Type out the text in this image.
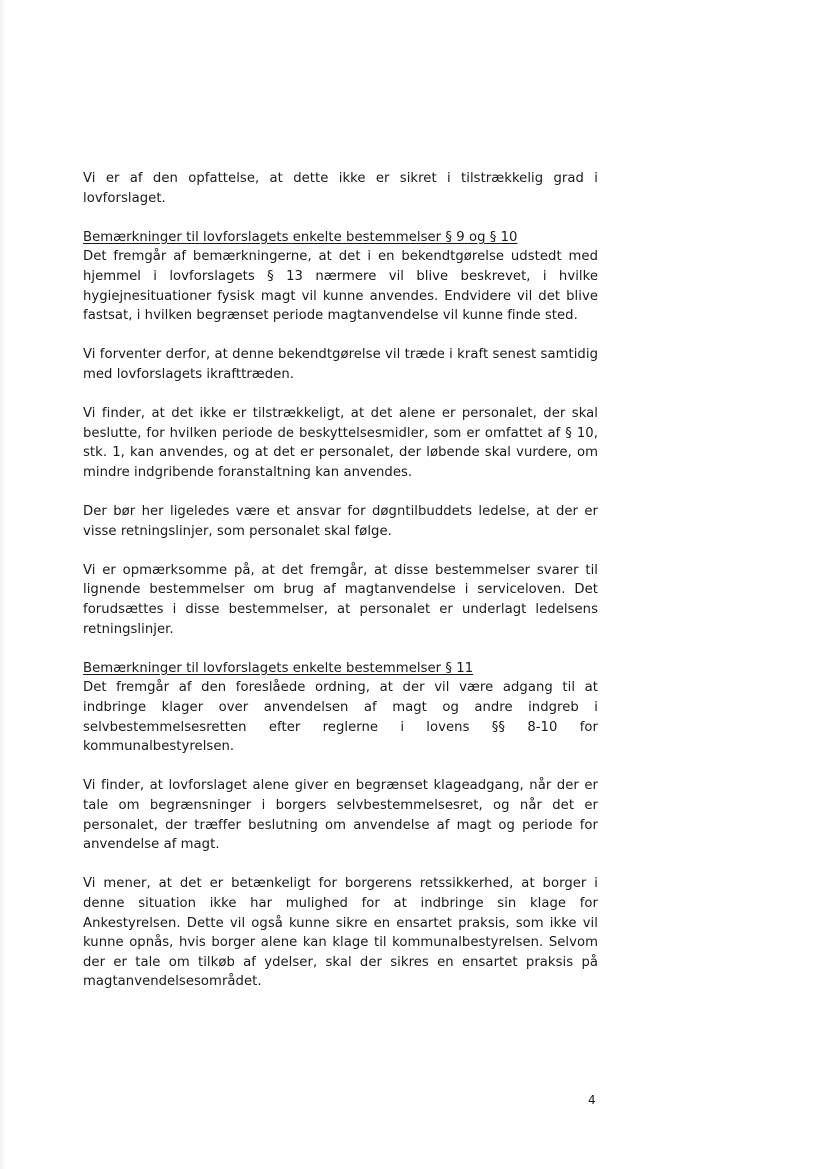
Vi er af den opfattelse, at dette ikke er sikret i tilstrækkelig grad i lovforslaget.

Bemærkninger til lovforslagets enkelte bestemmelser § 9 og § 10

Det fremgår af bemærkningerne, at det i en bekendtgørelse udstedt med hjemmel i lovforslagets § 13 nærmere vil blive beskrevet, i hvilke hygiejnesituationer fysisk magt vil kunne anvendes. Endvidere vil det blive fastsat, i hvilken begrænset periode magtanvendelse vil kunne finde sted.

Vi forventer derfor, at denne bekendtgørelse vil træde i kraft senest samtidig med lovforslagets ikrafttræden.

Vi finder, at det ikke er tilstrækkeligt, at det alene er personalet, der skal beslutte, for hvilken periode de beskyttelsesmidler, som er omfattet af § 10, stk. 1, kan anvendes, og at det er personalet, der løbende skal vurdere, om mindre indgribende foranstaltning kan anvendes.

Der bør her ligeledes være et ansvar for døgntilbuddets ledelse, at der er visse retningslinjer, som personalet skal følge.

Vi er opmærksomme på, at det fremgår, at disse bestemmelser svarer til lignende bestemmelser om brug af magtanvendelse i serviceloven. Det forudsættes i disse bestemmelser, at personalet er underlagt ledelsens retningslinjer.

Bemærkninger til lovforslagets enkelte bestemmelser § 11

Det fremgår af den foreslåede ordning, at der vil være adgang til at indbringe klager over anvendelsen af magt og andre indgreb i selvbestemmelsesretten efter reglerne i lovens §§ 8-10 for kommunalbestyrelsen.

Vi finder, at lovforslaget alene giver en begrænset klageadgang, når der er tale om begrænsninger i borgers selvbestemmelsesret, og når det er personalet, der træffer beslutning om anvendelse af magt og periode for anvendelse af magt.

Vi mener, at det er betænkeligt for borgerens retssikkerhed, at borger i denne situation ikke har mulighed for at indbringe sin klage for Ankestyrelsen. Dette vil også kunne sikre en ensartet praksis, som ikke vil kunne opnås, hvis borger alene kan klage til kommunalbestyrelsen. Selvom der er tale om tilkøb af ydelser, skal der sikres en ensartet praksis på magtanvendelsesområdet.

4
